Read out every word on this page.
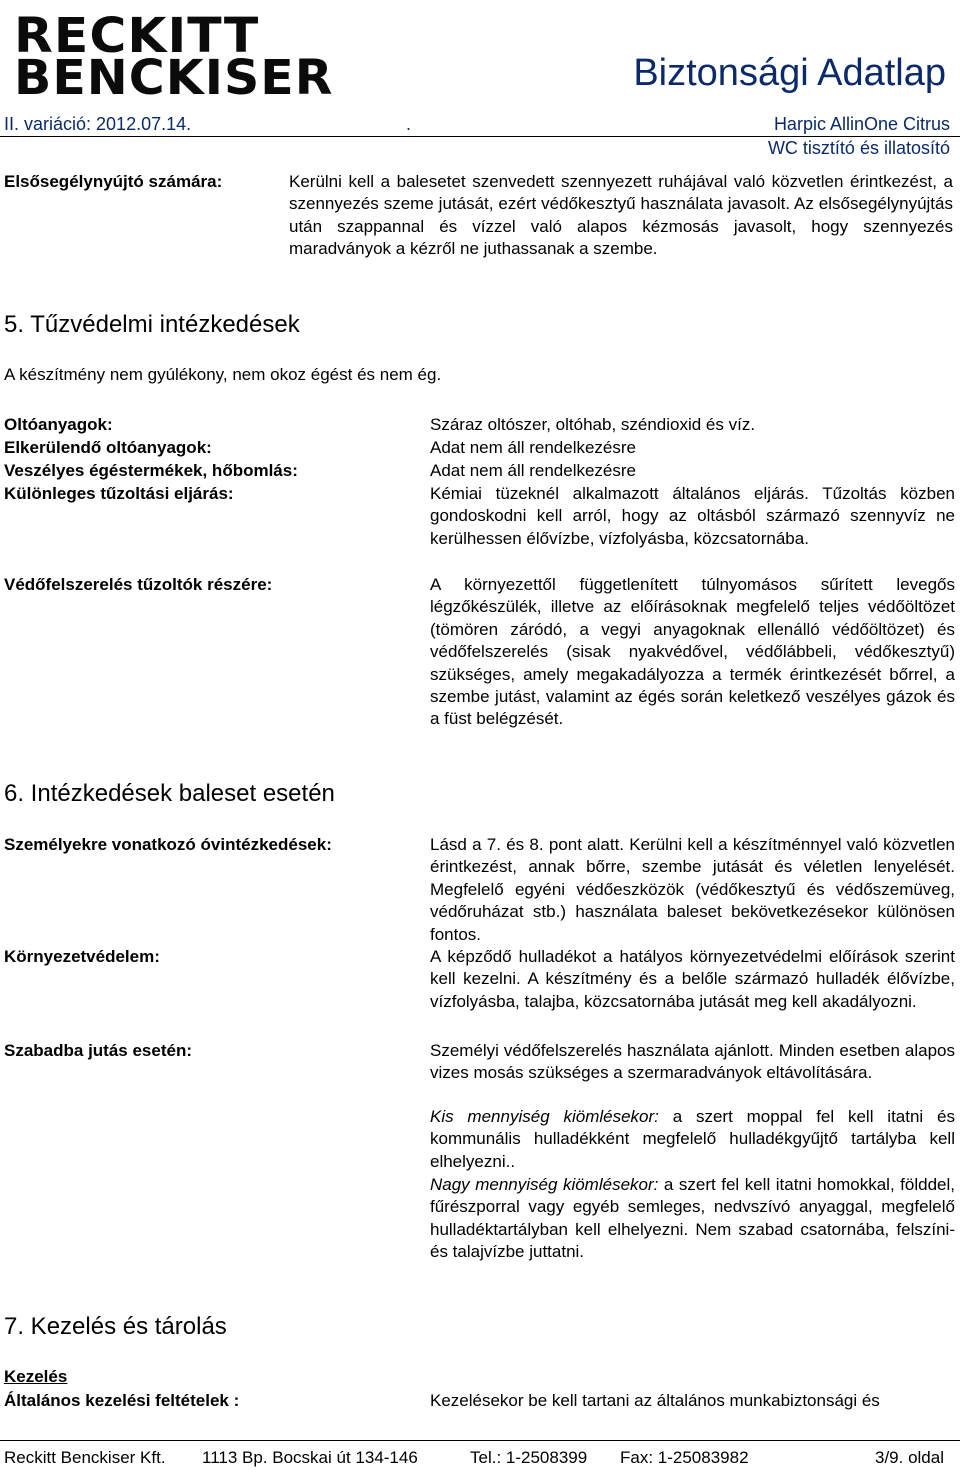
RECKITT
BENCKISER	Biztonsági Adatlap
II. variáció: 2012.07.14.	.	Harpic AllinOne Citrus
WC tisztító és illatosító
Elsősegélynyújtó számára:	Kerülni kell a balesetet szenvedett szennyezett ruhájával való közvetlen érintkezést, a szennyezés szeme jutását, ezért védőkesztyű használata javasolt. Az elsősegélynyújtás után szappannal és vízzel való alapos kézmosás javasolt, hogy szennyezés maradványok a kézről ne juthassanak a szembe.
5. Tűzvédelmi intézkedések
A készítmény nem gyúlékony, nem okoz égést és nem ég.
Oltóanyagok:	Száraz oltószer, oltóhab, széndioxid és víz.
Elkerülendő oltóanyagok:	Adat nem áll rendelkezésre
Veszélyes égéstermékek, hőbomlás:	Adat nem áll rendelkezésre
Különleges tűzoltási eljárás:	Kémiai tüzeknél alkalmazott általános eljárás. Tűzoltás közben gondoskodni kell arról, hogy az oltásból származó szennyvíz ne kerülhessen élővízbe, vízfolyásba, közcsatornába.
Védőfelszerelés tűzoltók részére:	A környezettől függetlenített túlnyomásos sűrített levegős légzőkészülék, illetve az előírásoknak megfelelő teljes védőöltözet (tömören záródó, a vegyi anyagoknak ellenálló védőöltözet) és védőfelszerelés (sisak nyakvédővel, védőlábbeli, védőkesztyű) szükséges, amely megakadályozza a termék érintkezését bőrrel, a szembe jutást, valamint az égés során keletkező veszélyes gázok és a füst belégzését.
6. Intézkedések baleset esetén
Személyekre vonatkozó óvintézkedések:	Lásd a 7. és 8. pont alatt. Kerülni kell a készítménnyel való közvetlen érintkezést, annak bőrre, szembe jutását és véletlen lenyelését. Megfelelő egyéni védőeszközök (védőkesztyű és védőszemüveg, védőruházat stb.) használata baleset bekövetkezésekor különösen fontos.
Környezetvédelem:	A képződő hulladékot a hatályos környezetvédelmi előírások szerint kell kezelni. A készítmény és a belőle származó hulladék élővízbe, vízfolyásba, talajba, közcsatornába jutását meg kell akadályozni.
Szabadba jutás esetén:	Személyi védőfelszerelés használata ajánlott. Minden esetben alapos vizes mosás szükséges a szermaradványok eltávolítására.
Kis mennyiség kiömlésekor: a szert moppal fel kell itatni és kommunális hulladékként megfelelő hulladékgyűjtő tartályba kell elhelyezni..
Nagy mennyiség kiömlésekor: a szert fel kell itatni homokkal, földdel, fűrészporral vagy egyéb semleges, nedvszívó anyaggal, megfelelő hulladéktartályban kell elhelyezni. Nem szabad csatornába, felszíni- és talajvízbe juttatni.
7. Kezelés és tárolás
Kezelés
Általános kezelési feltételek :	Kezelésekor be kell tartani az általános munkabiztonsági és
Reckitt Benckiser Kft. 1113 Bp. Bocskai út 134-146	Tel.: 1-2508399 Fax: 1-25083982	3/9. oldal
